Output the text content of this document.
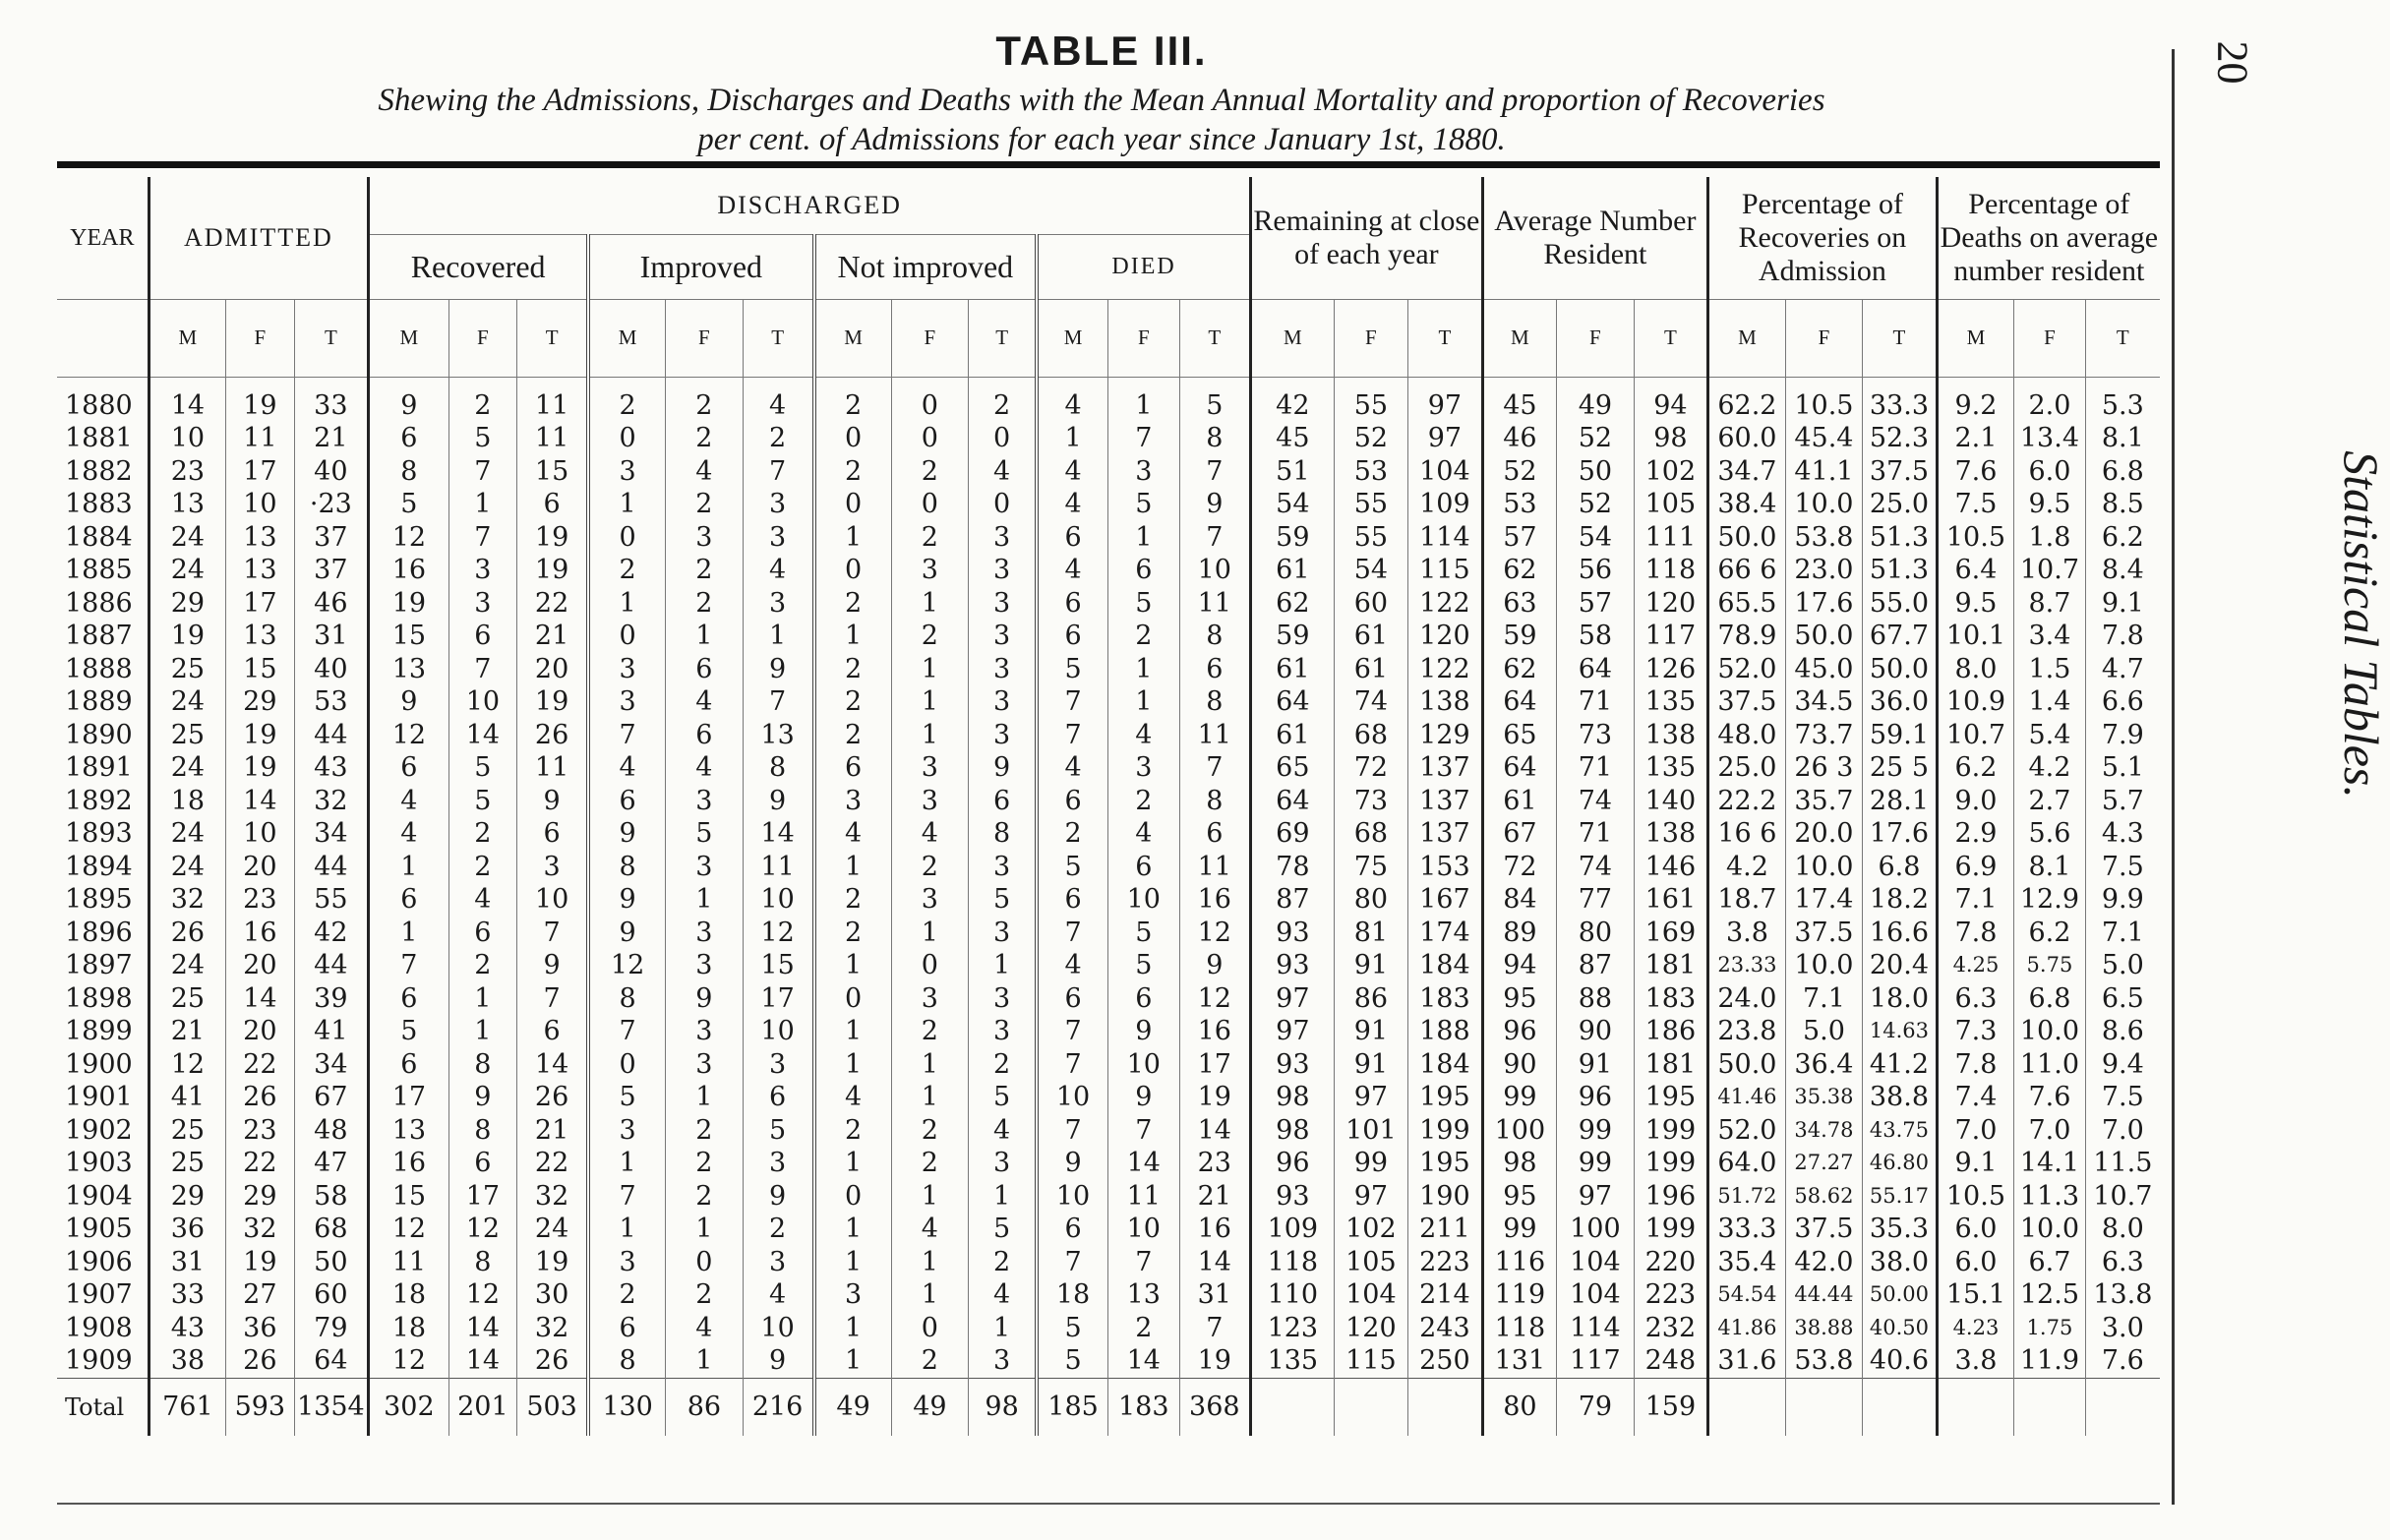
TABLE III.
Shewing the Admissions, Discharges and Deaths with the Mean Annual Mortality and proportion of Recoveries
per cent. of Admissions for each year since January 1st, 1880.
20
Statistical Tables.
YEAR	ADMITTED			DISCHARGED												Remaining at close of each year			Average Number Resident			Percentage of Recoveries on Admission			Percentage of Deaths on average number resident		
				Recovered			Improved			Not improved			DIED														

	M	F	T	M	F	T	M	F	T	M	F	T	M	F	T	M	F	T	M	F	T	M	F	T	M	F	T
1880	14	19	33	9	2	11	2	2	4	2	0	2	4	1	5	42	55	97	45	49	94	62.2	10.5	33.3	9.2	2.0	5.3
1881	10	11	21	6	5	11	0	2	2	0	0	0	1	7	8	45	52	97	46	52	98	60.0	45.4	52.3	2.1	13.4	8.1
1882	23	17	40	8	7	15	3	4	7	2	2	4	4	3	7	51	53	104	52	50	102	34.7	41.1	37.5	7.6	6.0	6.8
1883	13	10	·23	5	1	6	1	2	3	0	0	0	4	5	9	54	55	109	53	52	105	38.4	10.0	25.0	7.5	9.5	8.5
1884	24	13	37	12	7	19	0	3	3	1	2	3	6	1	7	59	55	114	57	54	111	50.0	53.8	51.3	10.5	1.8	6.2
1885	24	13	37	16	3	19	2	2	4	0	3	3	4	6	10	61	54	115	62	56	118	66 6	23.0	51.3	6.4	10.7	8.4
1886	29	17	46	19	3	22	1	2	3	2	1	3	6	5	11	62	60	122	63	57	120	65.5	17.6	55.0	9.5	8.7	9.1
1887	19	13	31	15	6	21	0	1	1	1	2	3	6	2	8	59	61	120	59	58	117	78.9	50.0	67.7	10.1	3.4	7.8
1888	25	15	40	13	7	20	3	6	9	2	1	3	5	1	6	61	61	122	62	64	126	52.0	45.0	50.0	8.0	1.5	4.7
1889	24	29	53	9	10	19	3	4	7	2	1	3	7	1	8	64	74	138	64	71	135	37.5	34.5	36.0	10.9	1.4	6.6
1890	25	19	44	12	14	26	7	6	13	2	1	3	7	4	11	61	68	129	65	73	138	48.0	73.7	59.1	10.7	5.4	7.9
1891	24	19	43	6	5	11	4	4	8	6	3	9	4	3	7	65	72	137	64	71	135	25.0	26 3	25 5	6.2	4.2	5.1
1892	18	14	32	4	5	9	6	3	9	3	3	6	6	2	8	64	73	137	61	74	140	22.2	35.7	28.1	9.0	2.7	5.7
1893	24	10	34	4	2	6	9	5	14	4	4	8	2	4	6	69	68	137	67	71	138	16 6	20.0	17.6	2.9	5.6	4.3
1894	24	20	44	1	2	3	8	3	11	1	2	3	5	6	11	78	75	153	72	74	146	4.2	10.0	6.8	6.9	8.1	7.5
1895	32	23	55	6	4	10	9	1	10	2	3	5	6	10	16	87	80	167	84	77	161	18.7	17.4	18.2	7.1	12.9	9.9
1896	26	16	42	1	6	7	9	3	12	2	1	3	7	5	12	93	81	174	89	80	169	3.8	37.5	16.6	7.8	6.2	7.1
1897	24	20	44	7	2	9	12	3	15	1	0	1	4	5	9	93	91	184	94	87	181	23.33	10.0	20.4	4.25	5.75	5.0
1898	25	14	39	6	1	7	8	9	17	0	3	3	6	6	12	97	86	183	95	88	183	24.0	7.1	18.0	6.3	6.8	6.5
1899	21	20	41	5	1	6	7	3	10	1	2	3	7	9	16	97	91	188	96	90	186	23.8	5.0	14.63	7.3	10.0	8.6
1900	12	22	34	6	8	14	0	3	3	1	1	2	7	10	17	93	91	184	90	91	181	50.0	36.4	41.2	7.8	11.0	9.4
1901	41	26	67	17	9	26	5	1	6	4	1	5	10	9	19	98	97	195	99	96	195	41.46	35.38	38.8	7.4	7.6	7.5
1902	25	23	48	13	8	21	3	2	5	2	2	4	7	7	14	98	101	199	100	99	199	52.0	34.78	43.75	7.0	7.0	7.0
1903	25	22	47	16	6	22	1	2	3	1	2	3	9	14	23	96	99	195	98	99	199	64.0	27.27	46.80	9.1	14.1	11.5
1904	29	29	58	15	17	32	7	2	9	0	1	1	10	11	21	93	97	190	95	97	196	51.72	58.62	55.17	10.5	11.3	10.7
1905	36	32	68	12	12	24	1	1	2	1	4	5	6	10	16	109	102	211	99	100	199	33.3	37.5	35.3	6.0	10.0	8.0
1906	31	19	50	11	8	19	3	0	3	1	1	2	7	7	14	118	105	223	116	104	220	35.4	42.0	38.0	6.0	6.7	6.3
1907	33	27	60	18	12	30	2	2	4	3	1	4	18	13	31	110	104	214	119	104	223	54.54	44.44	50.00	15.1	12.5	13.8
1908	43	36	79	18	14	32	6	4	10	1	0	1	5	2	7	123	120	243	118	114	232	41.86	38.88	40.50	4.23	1.75	3.0
1909	38	26	64	12	14	26	8	1	9	1	2	3	5	14	19	135	115	250	131	117	248	31.6	53.8	40.6	3.8	11.9	7.6
Total	761	593	1354	302	201	503	130	86	216	49	49	98	185	183	368				80	79	159						
